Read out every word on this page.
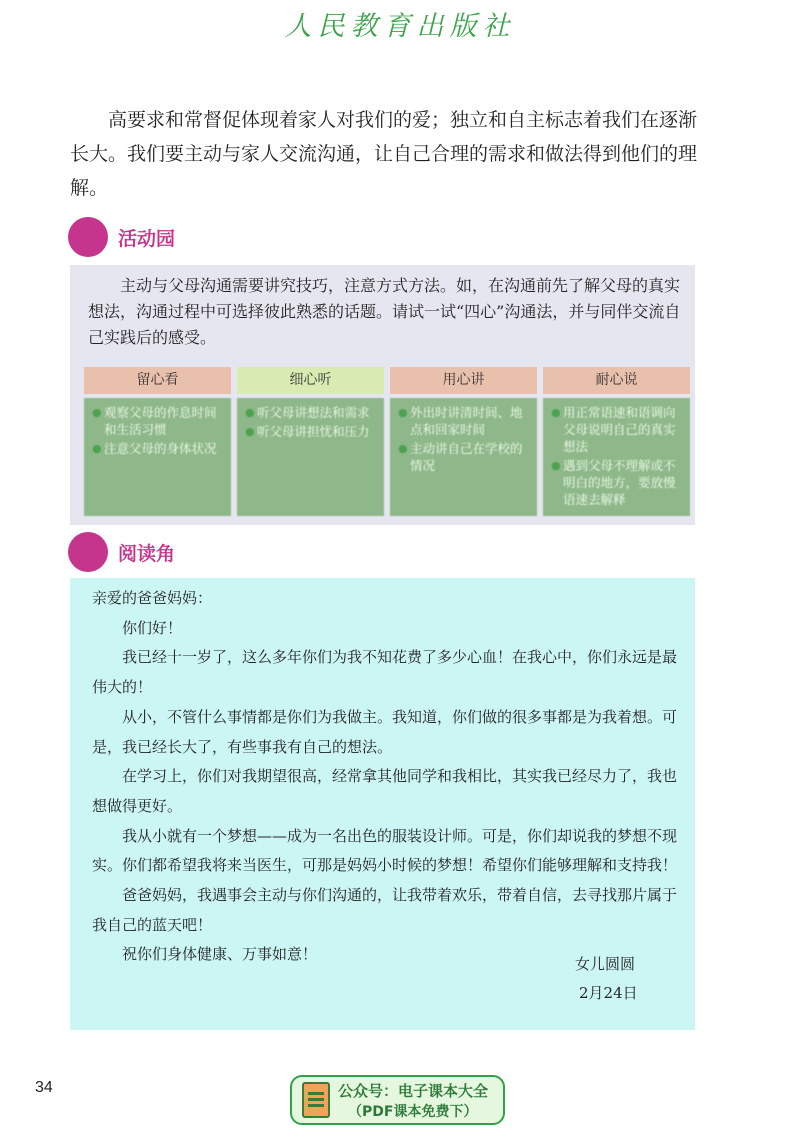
人民教育出版社

高要求和常督促体现着家人对我们的爱；独立和自主标志着我们在逐渐长大。我们要主动与家人交流沟通，让自己合理的需求和做法得到他们的理解。

活动园

主动与父母沟通需要讲究技巧，注意方式方法。如，在沟通前先了解父母的真实想法，沟通过程中可选择彼此熟悉的话题。请试一试“四心”沟通法，并与同伴交流自己实践后的感受。

留心看

● 观察父母的作息时间和生活习惯

● 注意父母的身体状况

细心听

● 听父母讲想法和需求

● 听父母讲担忧和压力

用心讲

● 外出时讲清时间、地点和回家时间

● 主动讲自己在学校的情况

耐心说

● 用正常语速和语调向父母说明自己的真实想法

● 遇到父母不理解或不明白的地方，要放慢语速去解释

阅读角

亲爱的爸爸妈妈：

你们好！

我已经十一岁了，这么多年你们为我不知花费了多少心血！在我心中，你们永远是最伟大的！

从小，不管什么事情都是你们为我做主。我知道，你们做的很多事都是为我着想。可是，我已经长大了，有些事我有自己的想法。

在学习上，你们对我期望很高，经常拿其他同学和我相比，其实我已经尽力了，我也想做得更好。

我从小就有一个梦想——成为一名出色的服装设计师。可是，你们却说我的梦想不现实。你们都希望我将来当医生，可那是妈妈小时候的梦想！希望你们能够理解和支持我！

爸爸妈妈，我遇事会主动与你们沟通的，让我带着欢乐，带着自信，去寻找那片属于我自己的蓝天吧！

祝你们身体健康、万事如意！

女儿圆圆
2月24日
34	公众号：电子课本大全
（PDF课本免费下）
